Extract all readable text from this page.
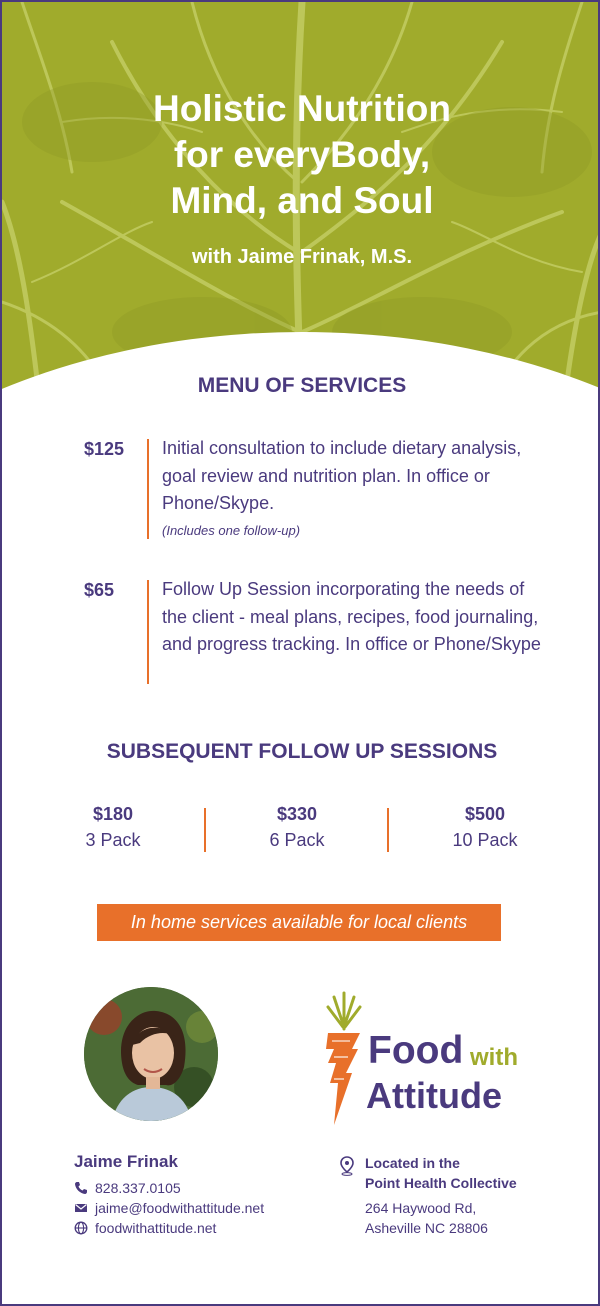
Holistic Nutrition
for everyBody,
Mind, and Soul
with Jaime Frinak, M.S.
MENU OF SERVICES
$125 Initial consultation to include dietary analysis, goal review and nutrition plan. In office or Phone/Skype.
(Includes one follow-up)
$65	Follow Up Session incorporating the needs of the client - meal plans, recipes, food journaling, and progress tracking. In office or Phone/Skype
SUBSEQUENT FOLLOW UP SESSIONS
$180
3 Pack
$330
6 Pack
$500
10 Pack
In home services available for local clients
Food with
Attitude
Jaime Frinak
828.337.0105
jaime@foodwithattitude.net
foodwithattitude.net
Located in the
Point Health Collective
264 Haywood Rd,
Asheville NC 28806
